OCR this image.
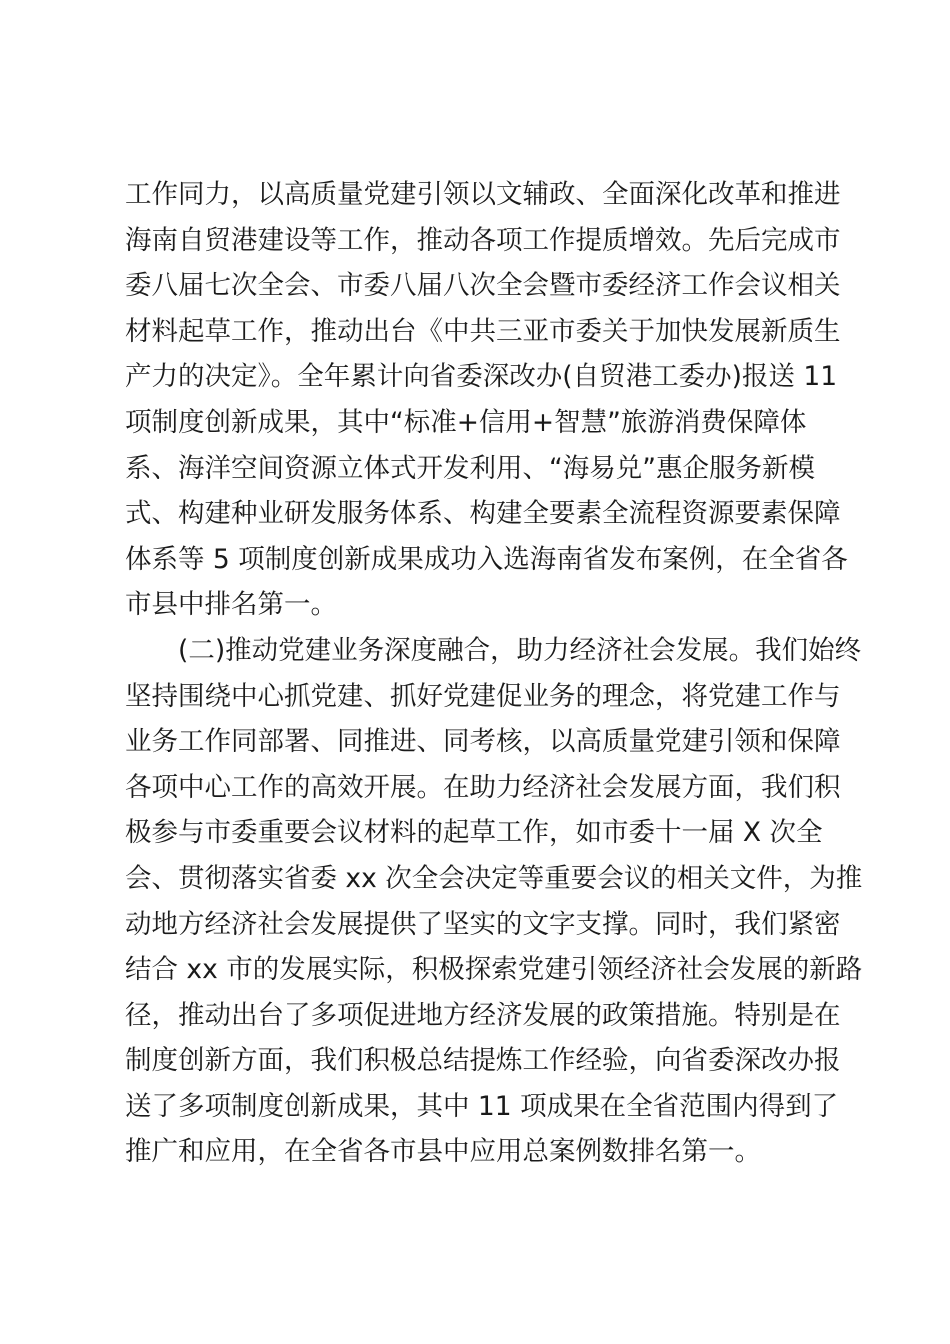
工作同力，以高质量党建引领以文辅政、全面深化改革和推进
海南自贸港建设等工作，推动各项工作提质增效。先后完成市
委八届七次全会、市委八届八次全会暨市委经济工作会议相关
材料起草工作，推动出台《中共三亚市委关于加快发展新质生
产力的决定》。全年累计向省委深改办(自贸港工委办)报送 11
项制度创新成果，其中“标准+信用+智慧”旅游消费保障体
系、海洋空间资源立体式开发利用、“海易兑”惠企服务新模
式、构建种业研发服务体系、构建全要素全流程资源要素保障
体系等 5 项制度创新成果成功入选海南省发布案例，在全省各
市县中排名第一。
　　(二)推动党建业务深度融合，助力经济社会发展。我们始终
坚持围绕中心抓党建、抓好党建促业务的理念，将党建工作与
业务工作同部署、同推进、同考核，以高质量党建引领和保障
各项中心工作的高效开展。在助力经济社会发展方面，我们积
极参与市委重要会议材料的起草工作，如市委十一届 X 次全
会、贯彻落实省委 xx 次全会决定等重要会议的相关文件，为推
动地方经济社会发展提供了坚实的文字支撑。同时，我们紧密
结合 xx 市的发展实际，积极探索党建引领经济社会发展的新路
径，推动出台了多项促进地方经济发展的政策措施。特别是在
制度创新方面，我们积极总结提炼工作经验，向省委深改办报
送了多项制度创新成果，其中 11 项成果在全省范围内得到了
推广和应用，在全省各市县中应用总案例数排名第一。
